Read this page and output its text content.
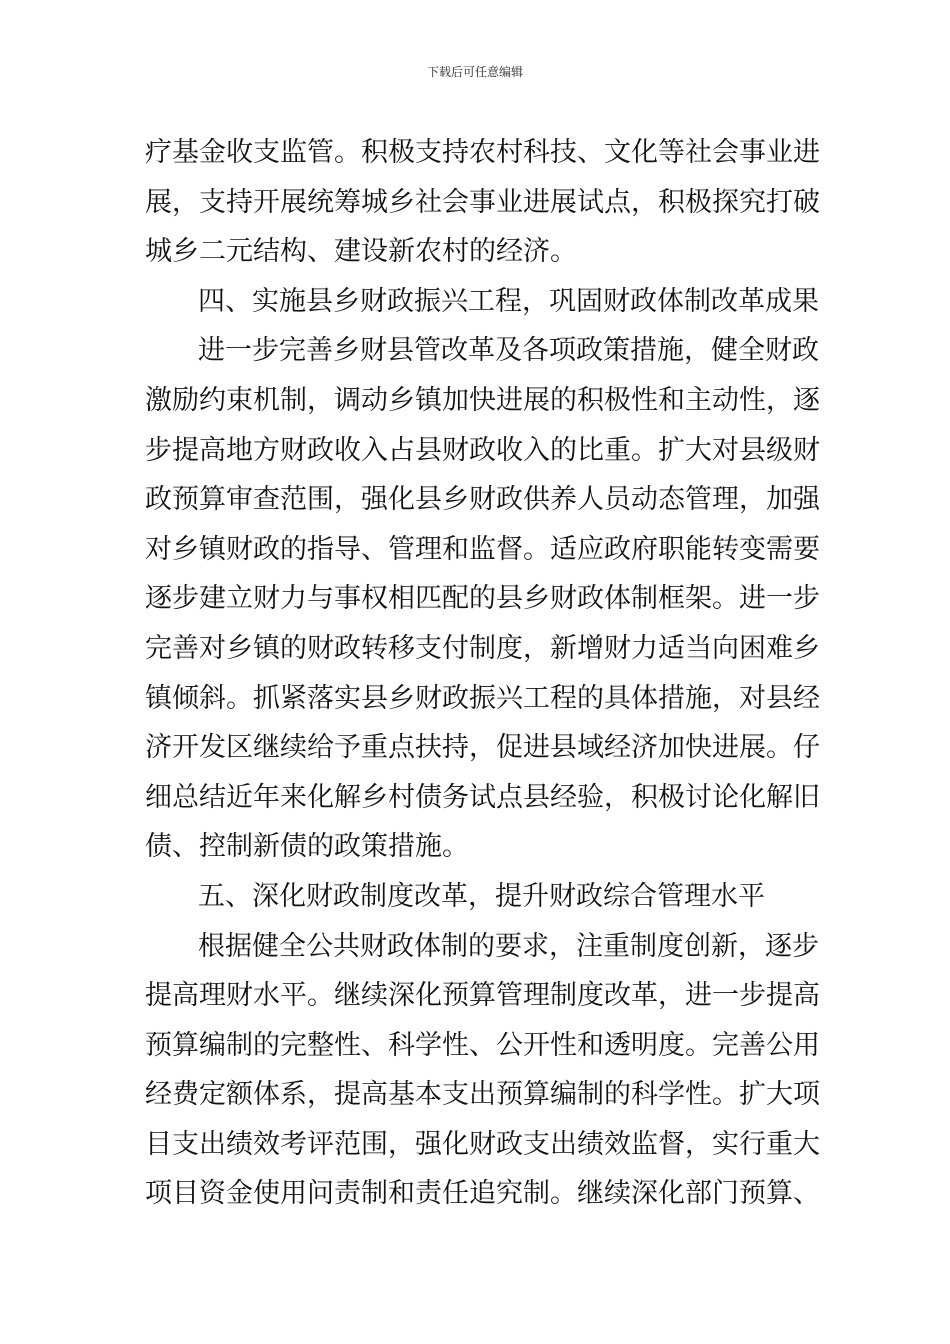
下载后可任意编辑
疗基金收支监管。积极支持农村科技、文化等社会事业进
展，支持开展统筹城乡社会事业进展试点，积极探究打破
城乡二元结构、建设新农村的经济。
四、实施县乡财政振兴工程，巩固财政体制改革成果
进一步完善乡财县管改革及各项政策措施，健全财政
激励约束机制，调动乡镇加快进展的积极性和主动性，逐
步提高地方财政收入占县财政收入的比重。扩大对县级财
政预算审查范围，强化县乡财政供养人员动态管理，加强
对乡镇财政的指导、管理和监督。适应政府职能转变需要
逐步建立财力与事权相匹配的县乡财政体制框架。进一步
完善对乡镇的财政转移支付制度，新增财力适当向困难乡
镇倾斜。抓紧落实县乡财政振兴工程的具体措施，对县经
济开发区继续给予重点扶持，促进县域经济加快进展。仔
细总结近年来化解乡村债务试点县经验，积极讨论化解旧
债、控制新债的政策措施。
五、深化财政制度改革，提升财政综合管理水平
根据健全公共财政体制的要求，注重制度创新，逐步
提高理财水平。继续深化预算管理制度改革，进一步提高
预算编制的完整性、科学性、公开性和透明度。完善公用
经费定额体系，提高基本支出预算编制的科学性。扩大项
目支出绩效考评范围，强化财政支出绩效监督，实行重大
项目资金使用问责制和责任追究制。继续深化部门预算、
